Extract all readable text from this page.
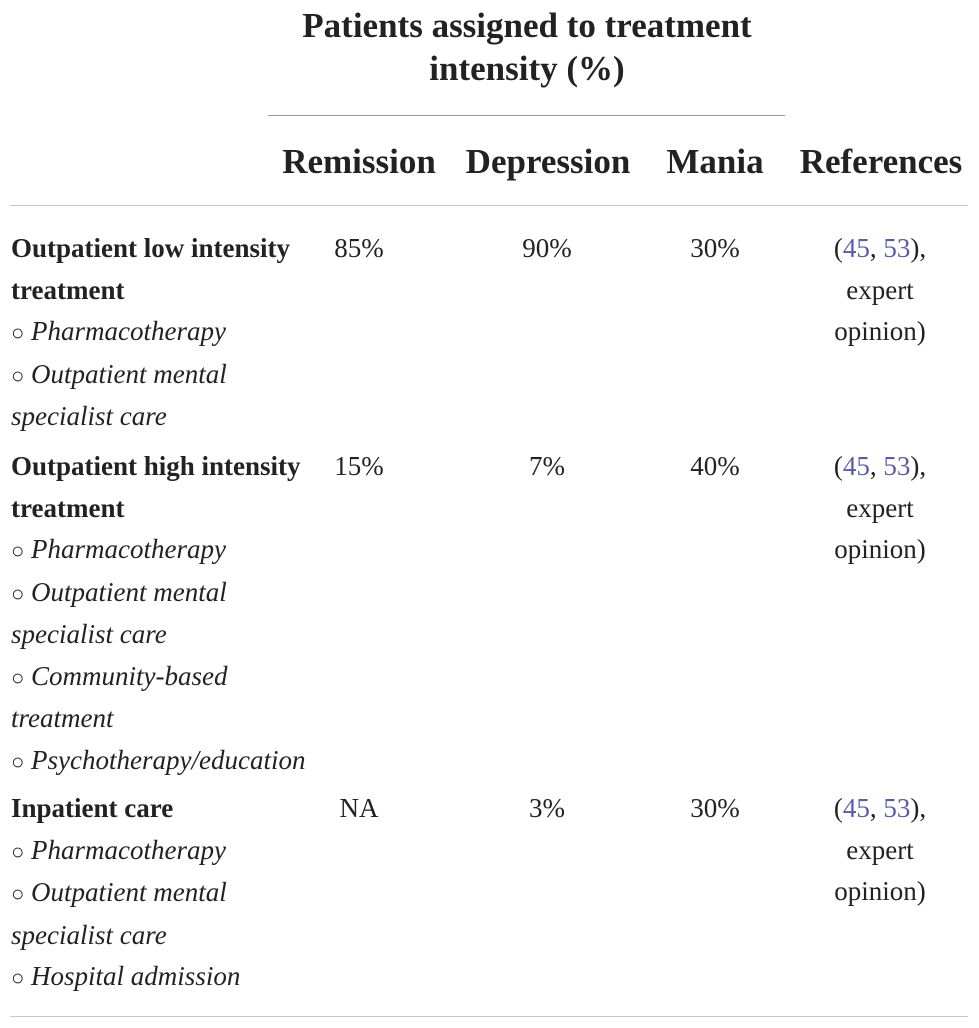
Patients assigned to treatment intensity (%)
Remission Depression Mania References
Outpatient low intensity treatment
○ Pharmacotherapy
○ Outpatient mental specialist care
85%	90%	30%	(45, 53),
expert opinion)
Outpatient high intensity treatment
○ Pharmacotherapy
○ Outpatient mental specialist care
○ Community-based treatment
○ Psychotherapy/education
15%	7%	40%	(45, 53),
expert opinion)
Inpatient care
○ Pharmacotherapy
○ Outpatient mental specialist care
○ Hospital admission
NA	3%	30%	(45, 53),
expert opinion)
